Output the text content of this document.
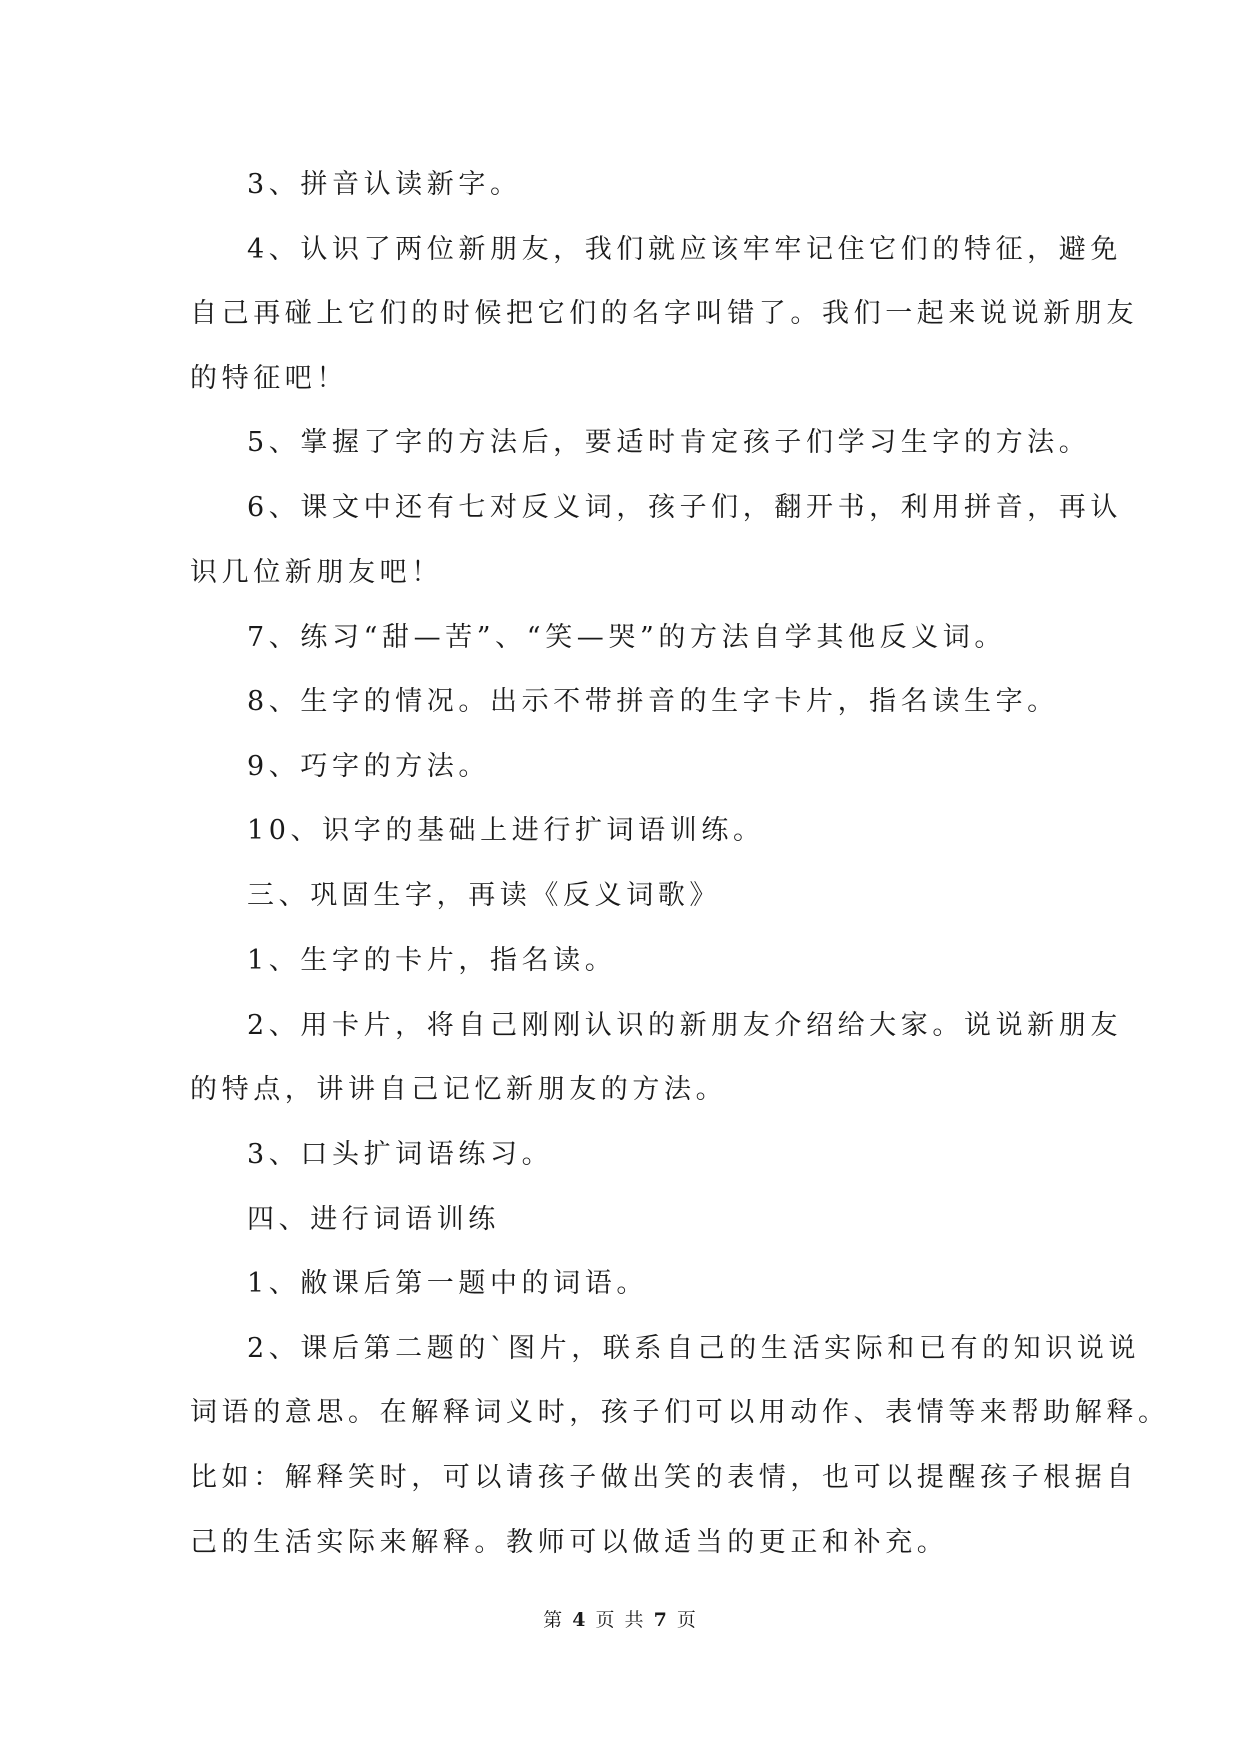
3、拼音认读新字。
4、认识了两位新朋友，我们就应该牢牢记住它们的特征，避免
自己再碰上它们的时候把它们的名字叫错了。我们一起来说说新朋友
的特征吧！
5、掌握了字的方法后，要适时肯定孩子们学习生字的方法。
6、课文中还有七对反义词，孩子们，翻开书，利用拼音，再认
识几位新朋友吧！
7、练习“甜—苦”、“笑—哭”的方法自学其他反义词。
8、生字的情况。出示不带拼音的生字卡片，指名读生字。
9、巧字的方法。
10、识字的基础上进行扩词语训练。
三、巩固生字，再读《反义词歌》
1、生字的卡片，指名读。
2、用卡片，将自己刚刚认识的新朋友介绍给大家。说说新朋友
的特点，讲讲自己记忆新朋友的方法。
3、口头扩词语练习。
四、进行词语训练
1、敝课后第一题中的词语。
2、课后第二题的`图片，联系自己的生活实际和已有的知识说说
词语的意思。在解释词义时，孩子们可以用动作、表情等来帮助解释。
比如：解释笑时，可以请孩子做出笑的表情，也可以提醒孩子根据自
己的生活实际来解释。教师可以做适当的更正和补充。
第 4 页 共 7 页
